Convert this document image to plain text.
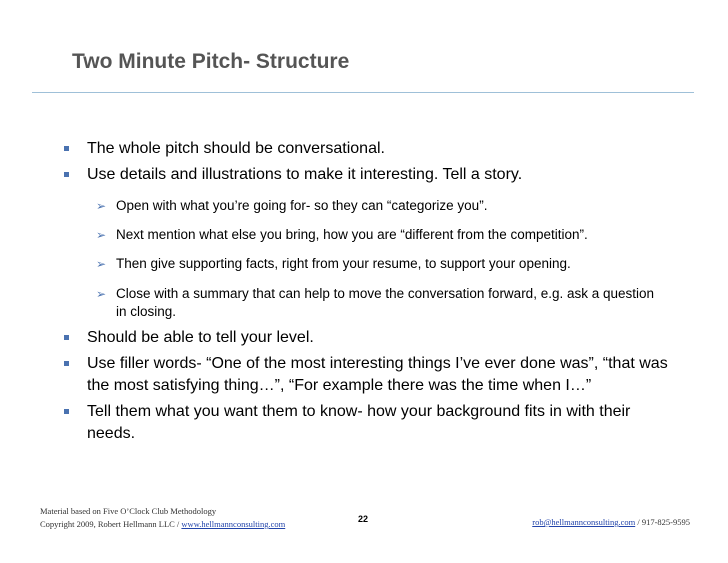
Two Minute Pitch- Structure
The whole pitch should be conversational.
Use details and illustrations to make it interesting. Tell a story.
➢ Open with what you’re going for- so they can “categorize you”.
➢ Next mention what else you bring, how you are “different from the competition”.
➢ Then give supporting facts, right from your resume, to support your opening.
➢ Close with a summary that can help to move the conversation forward, e.g. ask a question in closing.
Should be able to tell your level.
Use filler words- “One of the most interesting things I’ve ever done was”, “that was the most satisfying thing…”, “For example there was the time when I…”
Tell them what you want them to know- how your background fits in with their needs.
Material based on Five O’Clock Club Methodology
Copyright 2009, Robert Hellmann LLC / www.hellmannconsulting.com	22	rob@hellmannconsulting.com / 917-825-9595
